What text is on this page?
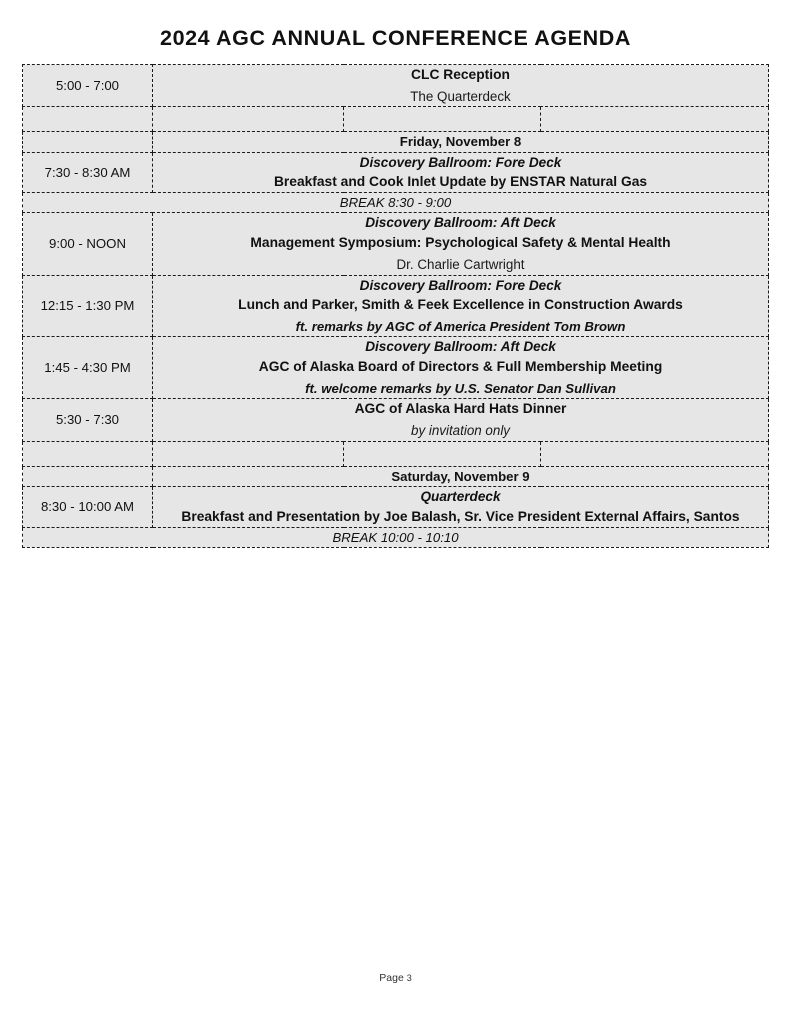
2024 AGC ANNUAL CONFERENCE AGENDA
5:00 - 7:00	CLC Reception
The Quarterdeck		

	Friday, November 8		
7:30 - 8:30 AM	Discovery Ballroom: Fore Deck
Breakfast and Cook Inlet Update by ENSTAR Natural Gas		

BREAK 8:30 - 9:00			
9:00 - NOON	Discovery Ballroom: Aft Deck
Management Symposium: Psychological Safety & Mental Health
Dr. Charlie Cartwright		

12:15 - 1:30 PM	Discovery Ballroom: Fore Deck
Lunch and Parker, Smith & Feek Excellence in Construction Awards
ft. remarks by AGC of America President Tom Brown		

1:45 - 4:30 PM	Discovery Ballroom: Aft Deck
AGC of Alaska Board of Directors & Full Membership Meeting
ft. welcome remarks by U.S. Senator Dan Sullivan		

5:30 - 7:30	AGC of Alaska Hard Hats Dinner
by invitation only		

	Saturday, November 9		
8:30 - 10:00 AM	Quarterdeck
Breakfast and Presentation by Joe Balash, Sr. Vice President External Affairs, Santos		

BREAK 10:00 - 10:10			
Page 3
